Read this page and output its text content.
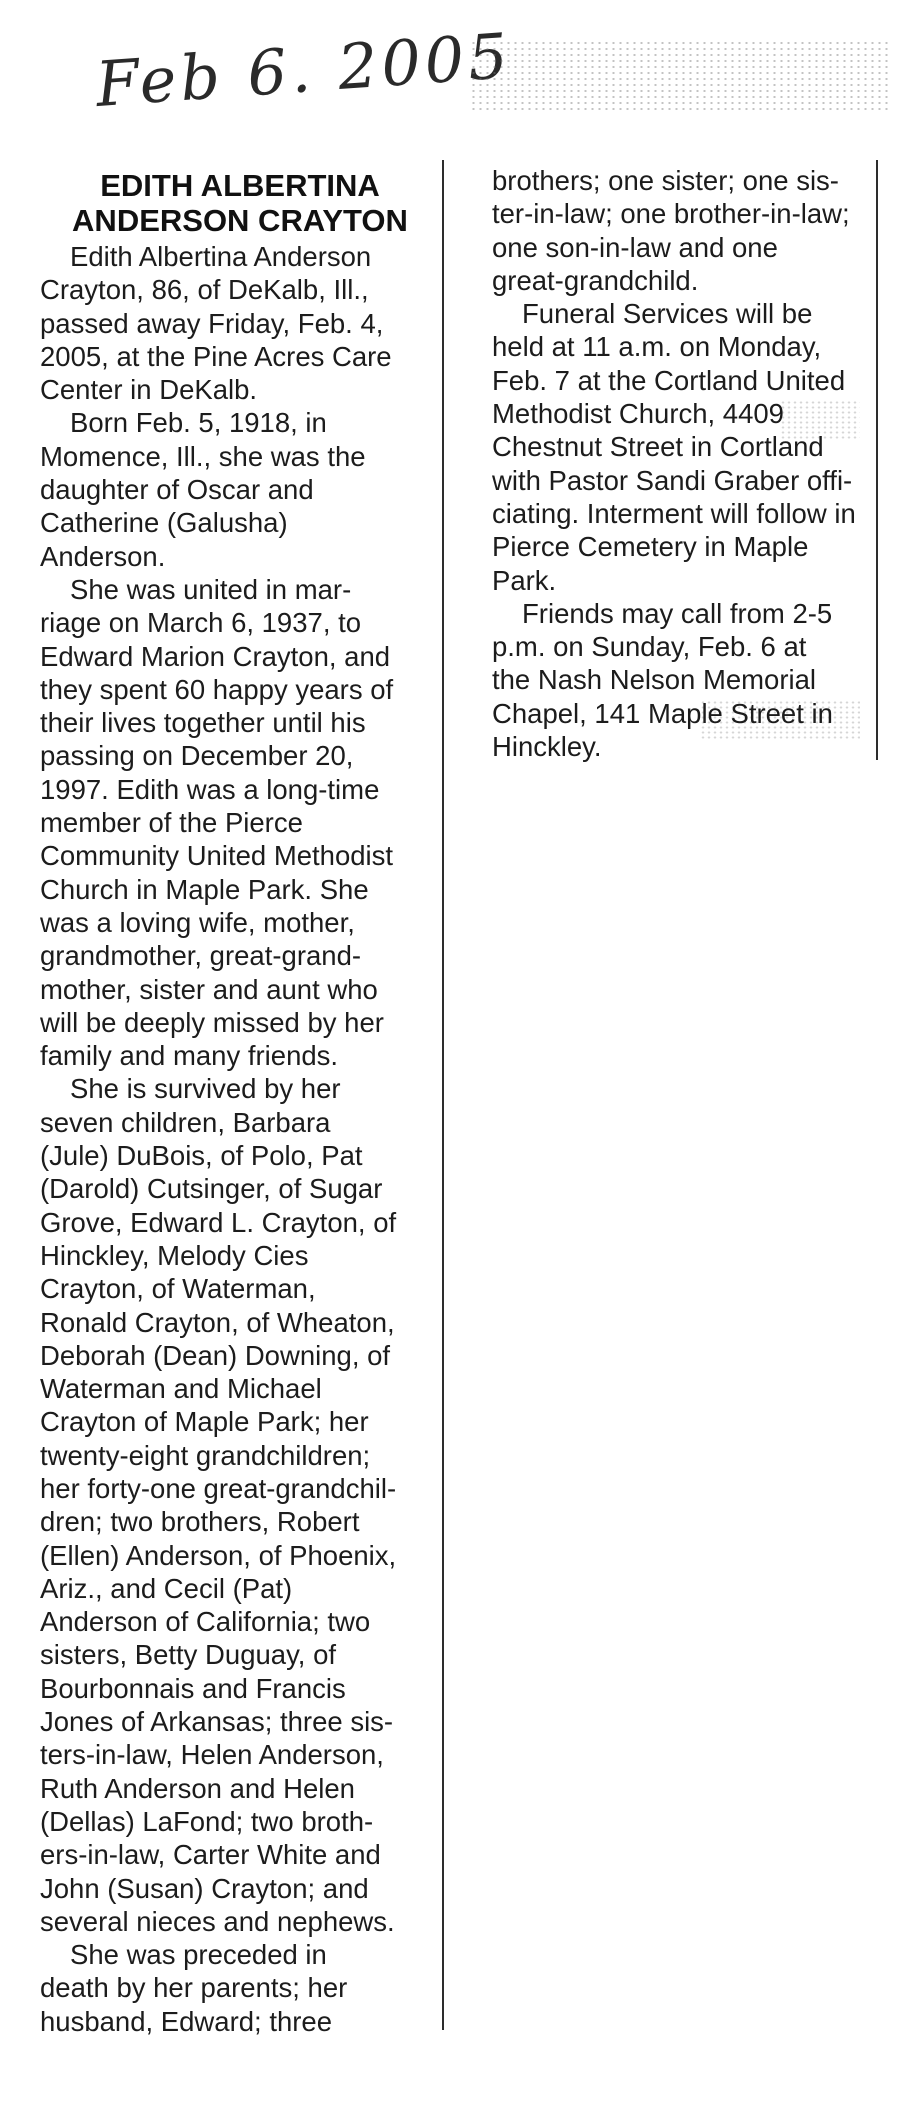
Feb 6. 2005
EDITH ALBERTINA
ANDERSON CRAYTON
Edith Albertina Anderson
Crayton, 86, of DeKalb, Ill.,
passed away Friday, Feb. 4,
2005, at the Pine Acres Care
Center in DeKalb.
Born Feb. 5, 1918, in
Momence, Ill., she was the
daughter of Oscar and
Catherine (Galusha)
Anderson.
She was united in mar-
riage on March 6, 1937, to
Edward Marion Crayton, and
they spent 60 happy years of
their lives together until his
passing on December 20,
1997. Edith was a long-time
member of the Pierce
Community United Methodist
Church in Maple Park. She
was a loving wife, mother,
grandmother, great-grand-
mother, sister and aunt who
will be deeply missed by her
family and many friends.
She is survived by her
seven children, Barbara
(Jule) DuBois, of Polo, Pat
(Darold) Cutsinger, of Sugar
Grove, Edward L. Crayton, of
Hinckley, Melody Cies
Crayton, of Waterman,
Ronald Crayton, of Wheaton,
Deborah (Dean) Downing, of
Waterman and Michael
Crayton of Maple Park; her
twenty-eight grandchildren;
her forty-one great-grandchil-
dren; two brothers, Robert
(Ellen) Anderson, of Phoenix,
Ariz., and Cecil (Pat)
Anderson of California; two
sisters, Betty Duguay, of
Bourbonnais and Francis
Jones of Arkansas; three sis-
ters-in-law, Helen Anderson,
Ruth Anderson and Helen
(Dellas) LaFond; two broth-
ers-in-law, Carter White and
John (Susan) Crayton; and
several nieces and nephews.
She was preceded in
death by her parents; her
husband, Edward; three
brothers; one sister; one sis-
ter-in-law; one brother-in-law;
one son-in-law and one
great-grandchild.
Funeral Services will be
held at 11 a.m. on Monday,
Feb. 7 at the Cortland United
Methodist Church, 4409
Chestnut Street in Cortland
with Pastor Sandi Graber offi-
ciating. Interment will follow in
Pierce Cemetery in Maple
Park.
Friends may call from 2-5
p.m. on Sunday, Feb. 6 at
the Nash Nelson Memorial
Chapel, 141 Maple Street in
Hinckley.
